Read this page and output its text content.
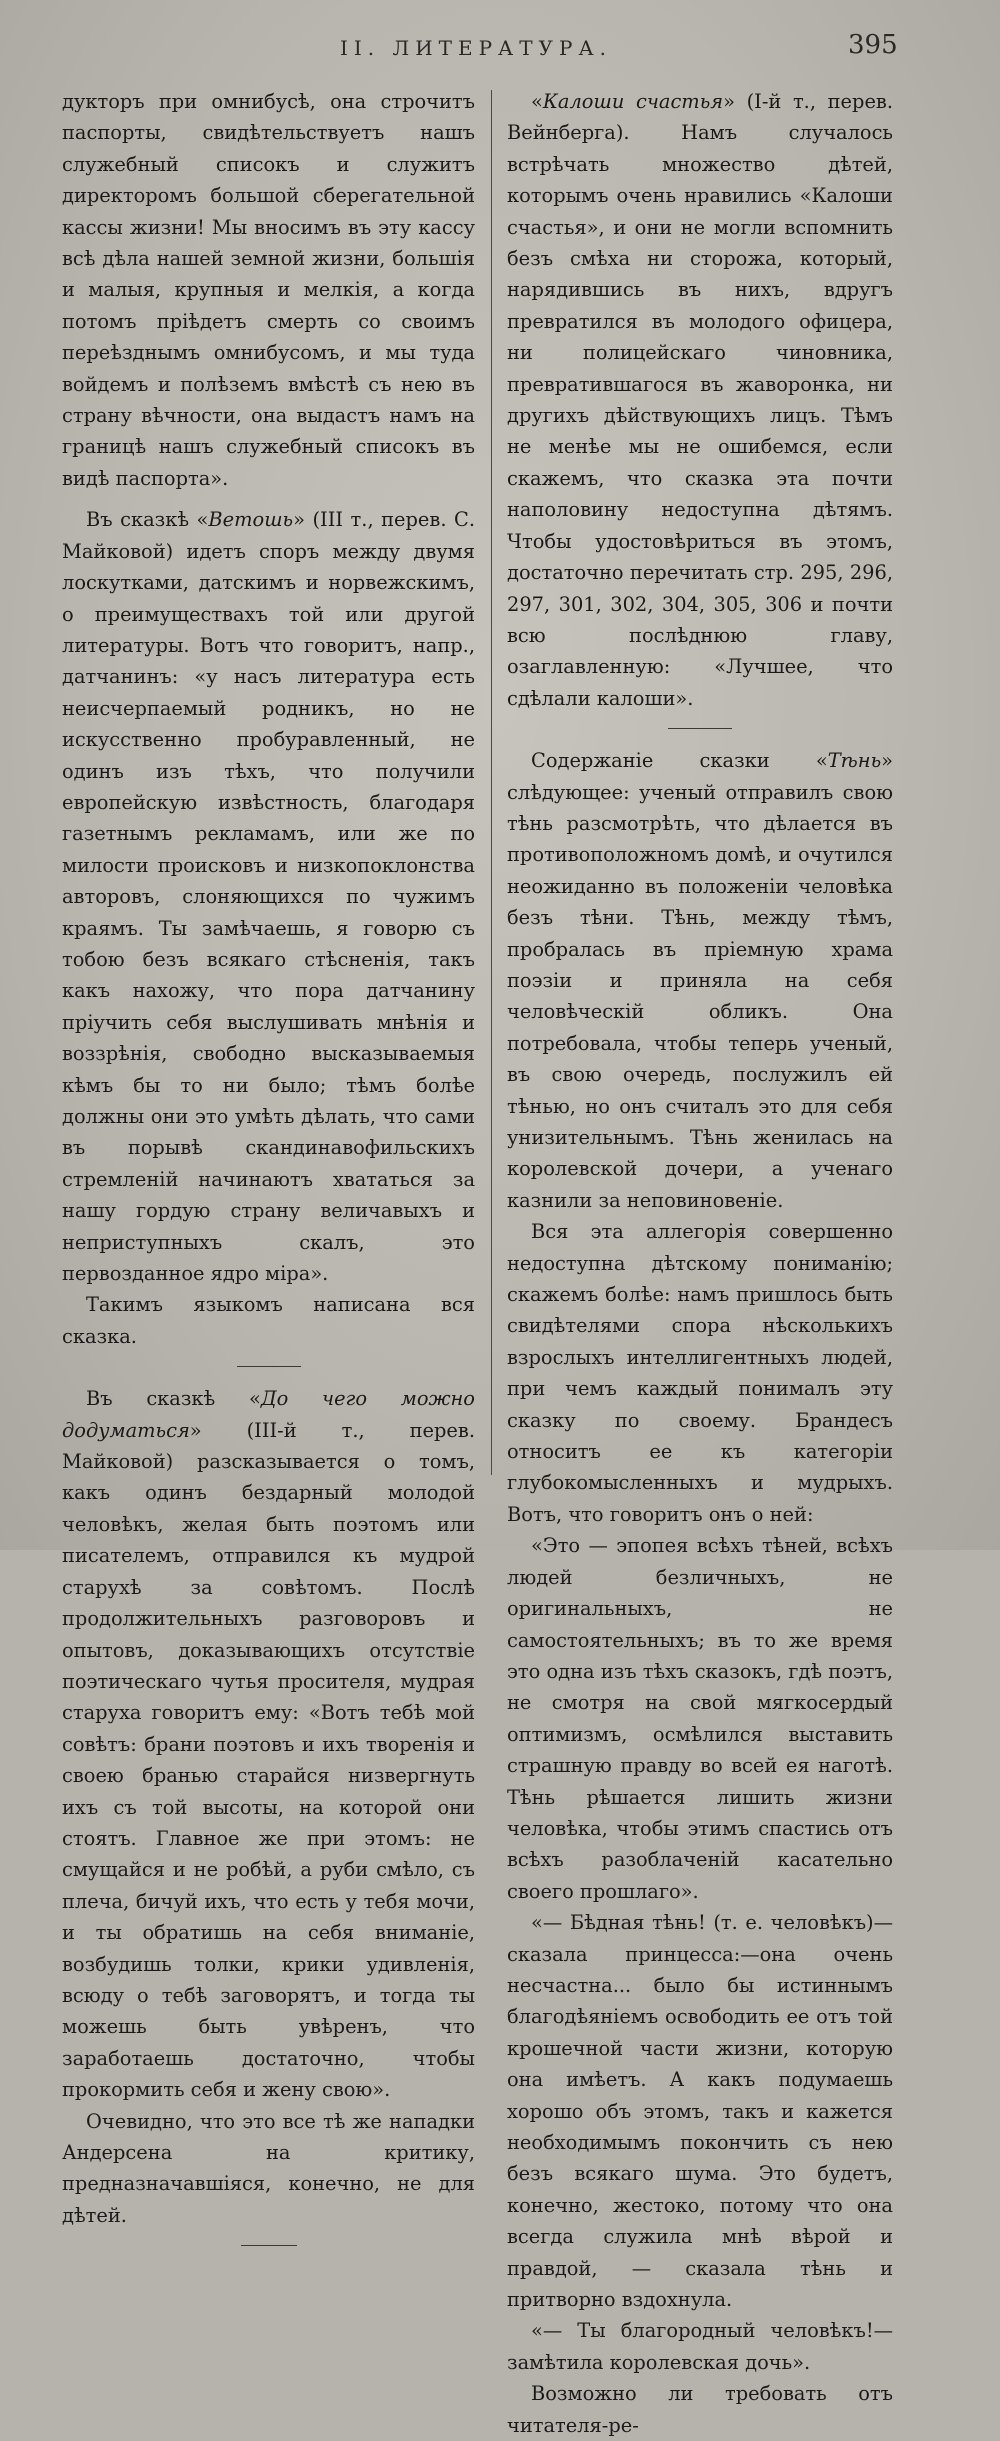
II. ЛИТЕРАТУРА.	395

дукторъ при омнибусѣ, она строчитъ паспорты, свидѣтельствуетъ нашъ служебный списокъ и служитъ директоромъ большой сберегательной кассы жизни! Мы вносимъ въ эту кассу всѣ дѣла нашей земной жизни, большія и малыя, крупныя и мелкія, а когда потомъ пріѣдетъ смерть со своимъ переѣзднымъ омнибусомъ, и мы туда войдемъ и полѣземъ вмѣстѣ съ нею въ страну вѣчности, она выдастъ намъ на границѣ нашъ служебный списокъ въ видѣ паспорта».

Въ сказкѣ «Ветошь» (III т., перев. С. Майковой) идетъ споръ между двумя лоскутками, датскимъ и норвежскимъ, о преимуществахъ той или другой литературы. Вотъ что говоритъ, напр., датчанинъ: «у насъ литература есть неисчерпаемый родникъ, но не искусственно пробуравленный, не одинъ изъ тѣхъ, что получили европейскую извѣстность, благодаря газетнымъ рекламамъ, или же по милости происковъ и низкопоклонства авторовъ, слоняющихся по чужимъ краямъ. Ты замѣчаешь, я говорю съ тобою безъ всякаго стѣсненія, такъ какъ нахожу, что пора датчанину пріучить себя выслушивать мнѣнія и воззрѣнія, свободно высказываемыя кѣмъ бы то ни было; тѣмъ болѣе должны они это умѣть дѣлать, что сами въ порывѣ скандинавофильскихъ стремленій начинаютъ хвататься за нашу гордую страну величавыхъ и неприступныхъ скалъ, это первозданное ядро міра».

Такимъ языкомъ написана вся сказка.

Въ сказкѣ «До чего можно додуматься» (III-й т., перев. Майковой) разсказывается о томъ, какъ одинъ бездарный молодой человѣкъ, желая быть поэтомъ или писателемъ, отправился къ мудрой старухѣ за совѣтомъ. Послѣ продолжительныхъ разговоровъ и опытовъ, доказывающихъ отсутствіе поэтическаго чутья просителя, мудрая старуха говоритъ ему: «Вотъ тебѣ мой совѣтъ: брани поэтовъ и ихъ творенія и своею бранью старайся низвергнуть ихъ съ той высоты, на которой они стоятъ. Главное же при этомъ: не смущайся и не робѣй, а руби смѣло, съ плеча, бичуй ихъ, что есть у тебя мочи, и ты обратишь на себя вниманіе, возбудишь толки, крики удивленія, всюду о тебѣ заговорятъ, и тогда ты можешь быть увѣренъ, что заработаешь достаточно, чтобы прокормить себя и жену свою».

Очевидно, что это все тѣ же нападки Андерсена на критику, предназначавшіяся, конечно, не для дѣтей.

«Калоши счастья» (I-й т., перев. Вейнберга). Намъ случалось встрѣчать множество дѣтей, которымъ очень нравились «Калоши счастья», и они не могли вспомнить безъ смѣха ни сторожа, который, нарядившись въ нихъ, вдругъ превратился въ молодого офицера, ни полицейскаго чиновника, превратившагося въ жаворонка, ни другихъ дѣйствующихъ лицъ. Тѣмъ не менѣе мы не ошибемся, если скажемъ, что сказка эта почти наполовину недоступна дѣтямъ. Чтобы удостовѣриться въ этомъ, достаточно перечитать стр. 295, 296, 297, 301, 302, 304, 305, 306 и почти всю послѣднюю главу, озаглавленную: «Лучшее, что сдѣлали калоши».

Содержаніе сказки «Тѣнь» слѣдующее: ученый отправилъ свою тѣнь разсмотрѣть, что дѣлается въ противоположномъ домѣ, и очутился неожиданно въ положеніи человѣка безъ тѣни. Тѣнь, между тѣмъ, пробралась въ пріемную храма поэзіи и приняла на себя человѣческій обликъ. Она потребовала, чтобы теперь ученый, въ свою очередь, послужилъ ей тѣнью, но онъ считалъ это для себя унизительнымъ. Тѣнь женилась на королевской дочери, а ученаго казнили за неповиновеніе.

Вся эта аллегорія совершенно недоступна дѣтскому пониманію; скажемъ болѣе: намъ пришлось быть свидѣтелями спора нѣсколькихъ взрослыхъ интеллигентныхъ людей, при чемъ каждый понималъ эту сказку по своему. Брандесъ относитъ ее къ категоріи глубокомысленныхъ и мудрыхъ. Вотъ, что говоритъ онъ о ней:

«Это — эпопея всѣхъ тѣней, всѣхъ людей безличныхъ, не оригинальныхъ, не самостоятельныхъ; въ то же время это одна изъ тѣхъ сказокъ, гдѣ поэтъ, не смотря на свой мягкосердый оптимизмъ, осмѣлился выставить страшную правду во всей ея наготѣ. Тѣнь рѣшается лишить жизни человѣка, чтобы этимъ спастись отъ всѣхъ разоблаченій касательно своего прошлаго».

«— Бѣдная тѣнь! (т. е. человѣкъ)—сказала принцесса:—она очень несчастна... было бы истиннымъ благодѣяніемъ освободить ее отъ той крошечной части жизни, которую она имѣетъ. А какъ подумаешь хорошо объ этомъ, такъ и кажется необходимымъ покончить съ нею безъ всякаго шума. Это будетъ, конечно, жестоко, потому что она всегда служила мнѣ вѣрой и правдой, — сказала тѣнь и притворно вздохнула.

«— Ты благородный человѣкъ!—замѣтила королевская дочь».

Возможно ли требовать отъ читателя-ре-
